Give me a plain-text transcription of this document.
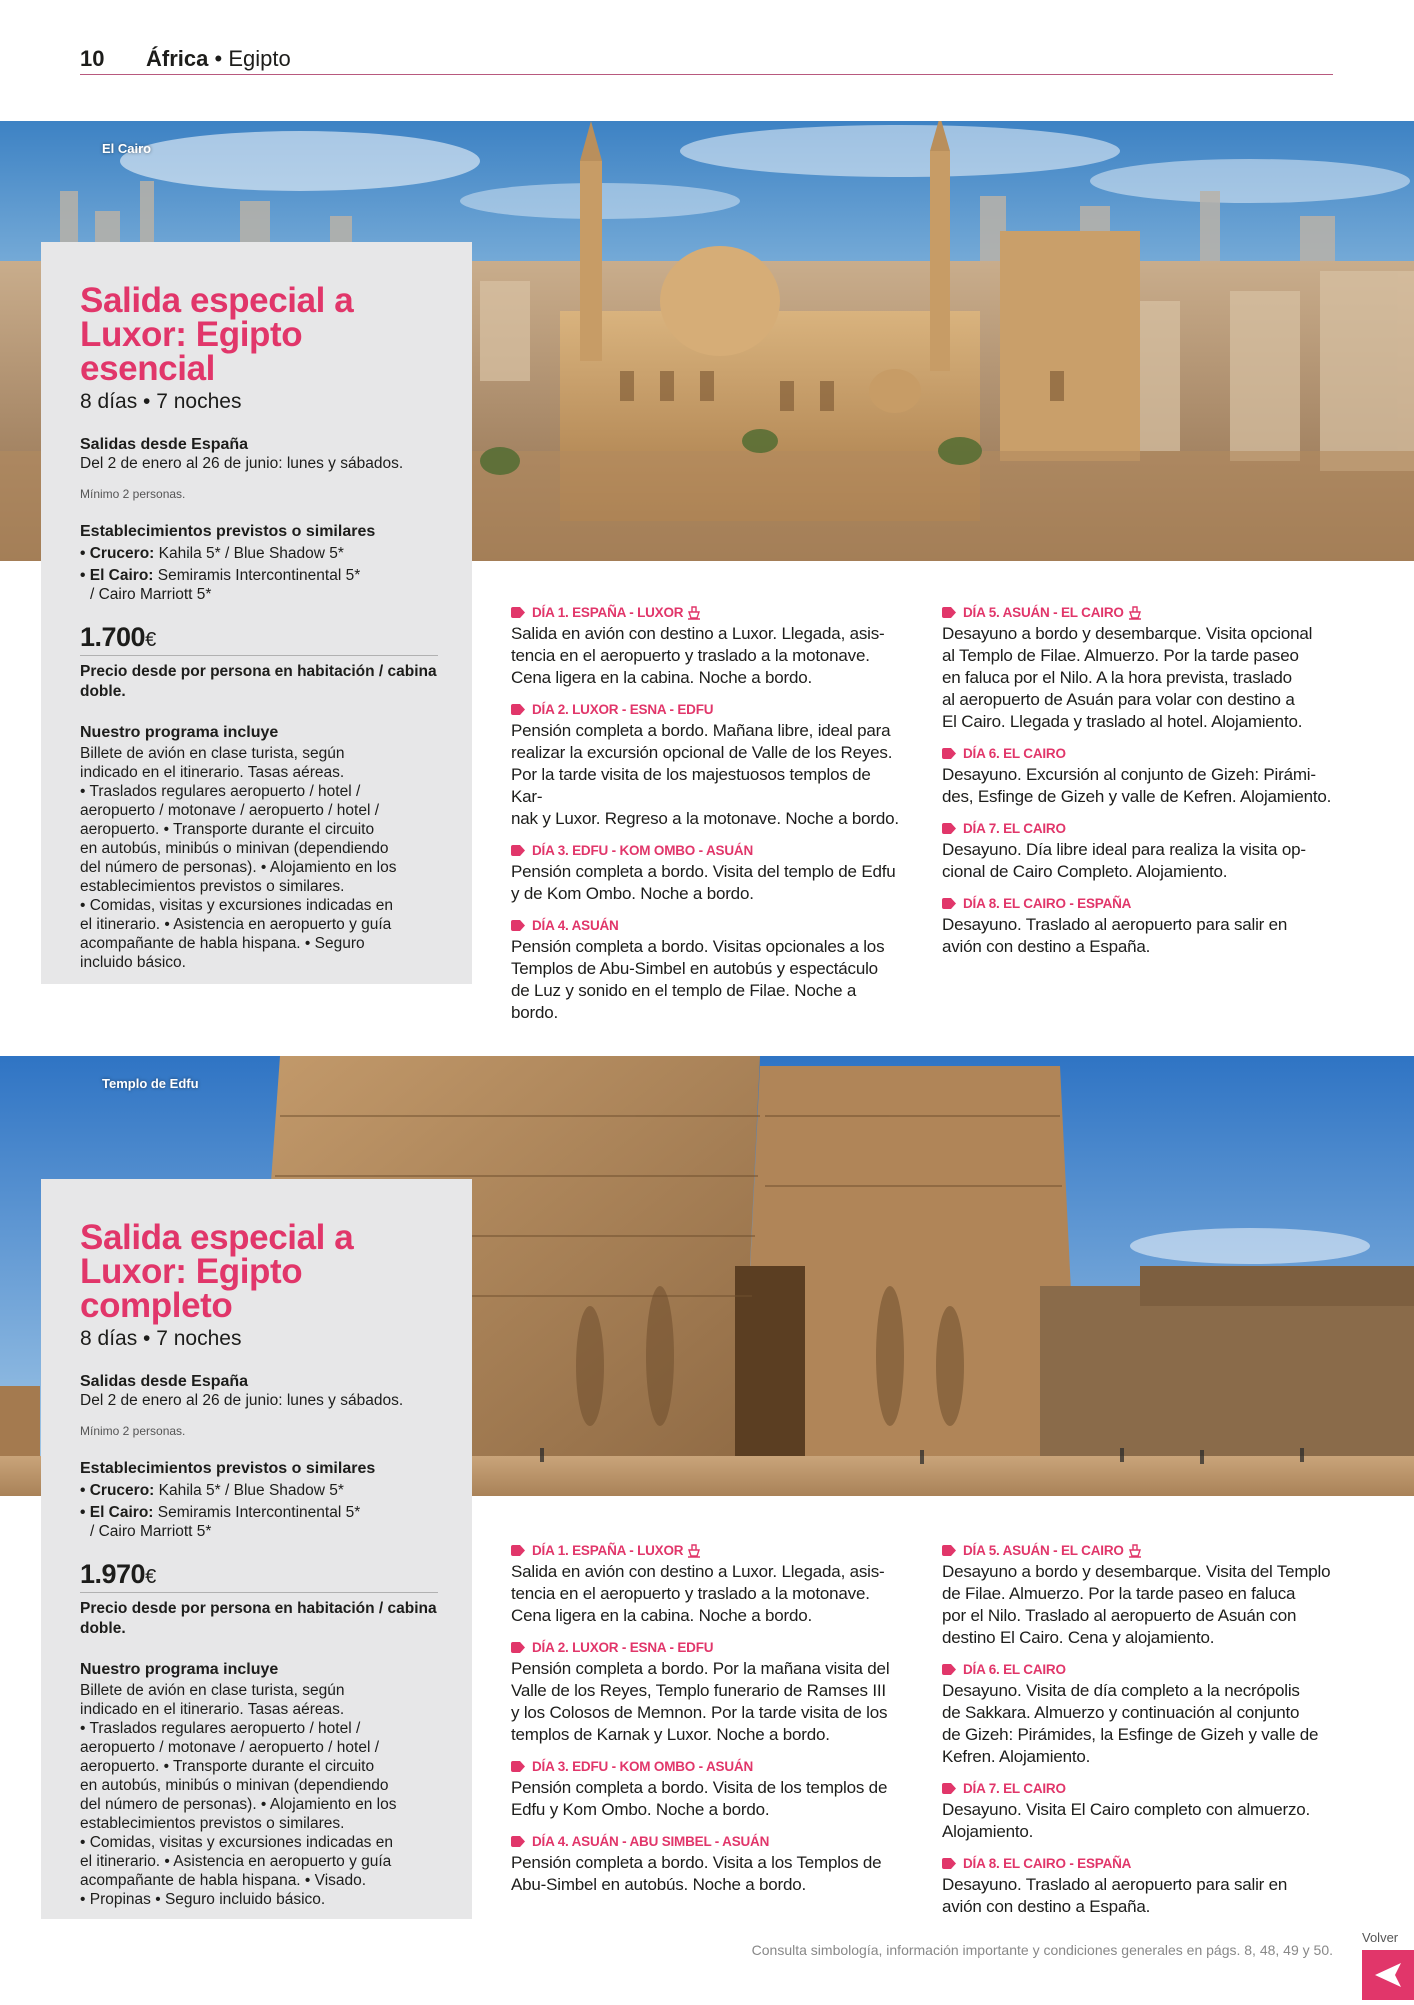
10 África • Egipto
El Cairo
Salida especial a
Luxor: Egipto esencial
8 días • 7 noches
Salidas desde España
Del 2 de enero al 26 de junio: lunes y sábados.
Mínimo 2 personas.
Establecimientos previstos o similares
• Crucero: Kahila 5* / Blue Shadow 5*
• El Cairo: Semiramis Intercontinental 5*
/ Cairo Marriott 5*
1.700€
Precio desde por persona en habitación / cabina doble.
Nuestro programa incluye
Billete de avión en clase turista, según
indicado en el itinerario. Tasas aéreas.
• Traslados regulares aeropuerto / hotel /
aeropuerto / motonave / aeropuerto / hotel /
aeropuerto. • Transporte durante el circuito
en autobús, minibús o minivan (dependiendo
del número de personas). • Alojamiento en los
establecimientos previstos o similares.
• Comidas, visitas y excursiones indicadas en
el itinerario. • Asistencia en aeropuerto y guía
acompañante de habla hispana. • Seguro
incluido básico.
DÍA 1. ESPAÑA - LUXOR
Salida en avión con destino a Luxor. Llegada, asis-
tencia en el aeropuerto y traslado a la motonave.
Cena ligera en la cabina. Noche a bordo.
DÍA 2. LUXOR - ESNA - EDFU
Pensión completa a bordo. Mañana libre, ideal para
realizar la excursión opcional de Valle de los Reyes.
Por la tarde visita de los majestuosos templos de Kar-
nak y Luxor. Regreso a la motonave. Noche a bordo.
DÍA 3. EDFU - KOM OMBO - ASUÁN
Pensión completa a bordo. Visita del templo de Edfu
y de Kom Ombo. Noche a bordo.
DÍA 4. ASUÁN
Pensión completa a bordo. Visitas opcionales a los
Templos de Abu-Simbel en autobús y espectáculo
de Luz y sonido en el templo de Filae. Noche a bordo.
DÍA 5. ASUÁN - EL CAIRO
Desayuno a bordo y desembarque. Visita opcional
al Templo de Filae. Almuerzo. Por la tarde paseo
en faluca por el Nilo. A la hora prevista, traslado
al aeropuerto de Asuán para volar con destino a
El Cairo. Llegada y traslado al hotel. Alojamiento.
DÍA 6. EL CAIRO
Desayuno. Excursión al conjunto de Gizeh: Pirámi-
des, Esfinge de Gizeh y valle de Kefren. Alojamiento.
DÍA 7. EL CAIRO
Desayuno. Día libre ideal para realiza la visita op-
cional de Cairo Completo. Alojamiento.
DÍA 8. EL CAIRO - ESPAÑA
Desayuno. Traslado al aeropuerto para salir en
avión con destino a España.
Templo de Edfu
Salida especial a
Luxor: Egipto completo
8 días • 7 noches
Salidas desde España
Del 2 de enero al 26 de junio: lunes y sábados.
Mínimo 2 personas.
Establecimientos previstos o similares
• Crucero: Kahila 5* / Blue Shadow 5*
• El Cairo: Semiramis Intercontinental 5*
/ Cairo Marriott 5*
1.970€
Precio desde por persona en habitación / cabina doble.
Nuestro programa incluye
Billete de avión en clase turista, según
indicado en el itinerario. Tasas aéreas.
• Traslados regulares aeropuerto / hotel /
aeropuerto / motonave / aeropuerto / hotel /
aeropuerto. • Transporte durante el circuito
en autobús, minibús o minivan (dependiendo
del número de personas). • Alojamiento en los
establecimientos previstos o similares.
• Comidas, visitas y excursiones indicadas en
el itinerario. • Asistencia en aeropuerto y guía
acompañante de habla hispana. • Visado.
• Propinas • Seguro incluido básico.
DÍA 1. ESPAÑA - LUXOR
Salida en avión con destino a Luxor. Llegada, asis-
tencia en el aeropuerto y traslado a la motonave.
Cena ligera en la cabina. Noche a bordo.
DÍA 2. LUXOR - ESNA - EDFU
Pensión completa a bordo. Por la mañana visita del
Valle de los Reyes, Templo funerario de Ramses III
y los Colosos de Memnon. Por la tarde visita de los
templos de Karnak y Luxor. Noche a bordo.
DÍA 3. EDFU - KOM OMBO - ASUÁN
Pensión completa a bordo. Visita de los templos de
Edfu y Kom Ombo. Noche a bordo.
DÍA 4. ASUÁN - ABU SIMBEL - ASUÁN
Pensión completa a bordo. Visita a los Templos de
Abu-Simbel en autobús. Noche a bordo.
DÍA 5. ASUÁN - EL CAIRO
Desayuno a bordo y desembarque. Visita del Templo
de Filae. Almuerzo. Por la tarde paseo en faluca
por el Nilo. Traslado al aeropuerto de Asuán con
destino El Cairo. Cena y alojamiento.
DÍA 6. EL CAIRO
Desayuno. Visita de día completo a la necrópolis
de Sakkara. Almuerzo y continuación al conjunto
de Gizeh: Pirámides, la Esfinge de Gizeh y valle de
Kefren. Alojamiento.
DÍA 7. EL CAIRO
Desayuno. Visita El Cairo completo con almuerzo.
Alojamiento.
DÍA 8. EL CAIRO - ESPAÑA
Desayuno. Traslado al aeropuerto para salir en
avión con destino a España.
Consulta simbología, información importante y condiciones generales en págs. 8, 48, 49 y 50.
Volver
